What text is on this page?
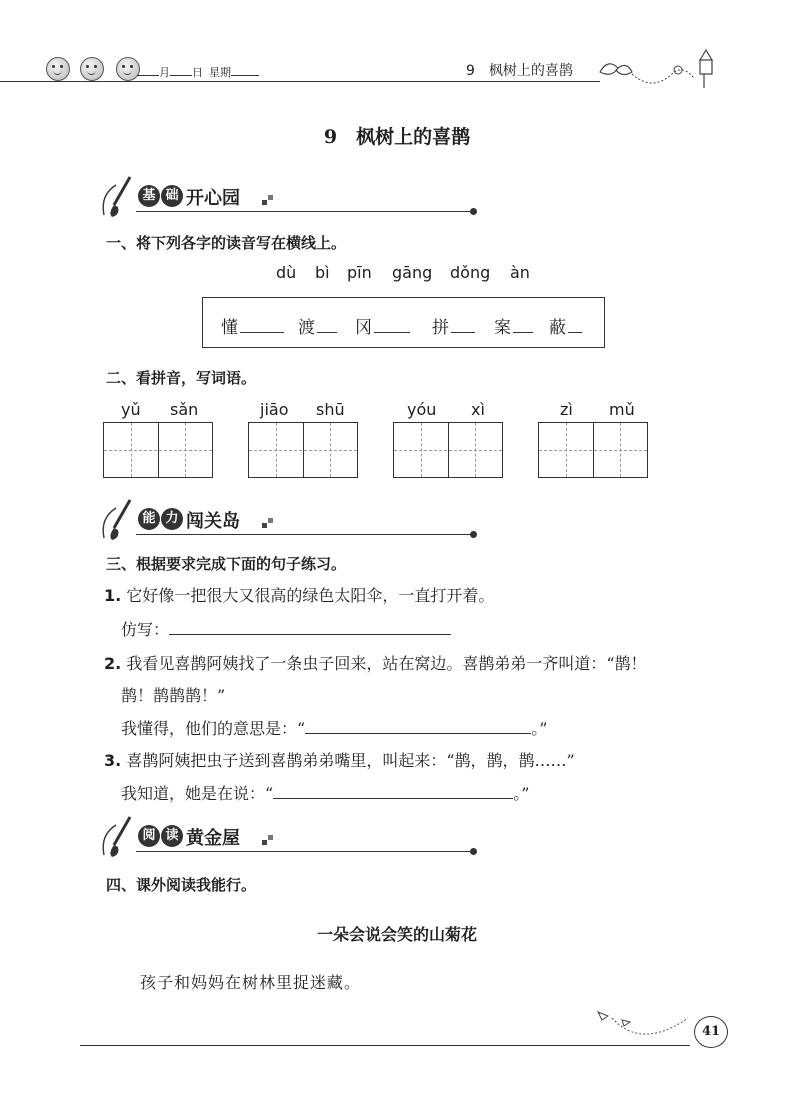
月 日 星期	9　枫树上的喜鹊
9　枫树上的喜鹊
基 础 开心园
一、将下列各字的读音写在横线上。
dù bì pīn gāng dǒng àn
懂	渡	冈	拼	案	蔽
二、看拼音，写词语。
yǔ sǎn	jiāo shū	yóu xì	zì mǔ
能 力 闯关岛
三、根据要求完成下面的句子练习。
1. 它好像一把很大又很高的绿色太阳伞，一直打开着。
仿写：
2. 我看见喜鹊阿姨找了一条虫子回来，站在窝边。喜鹊弟弟一齐叫道：“鹊！
鹊！鹊鹊鹊！”
我懂得，他们的意思是：“	。”
3. 喜鹊阿姨把虫子送到喜鹊弟弟嘴里，叫起来：“鹊，鹊，鹊……”
我知道，她是在说：“	。”
阅 读 黄金屋
四、课外阅读我能行。
一朵会说会笑的山菊花
孩子和妈妈在树林里捉迷藏。
41
